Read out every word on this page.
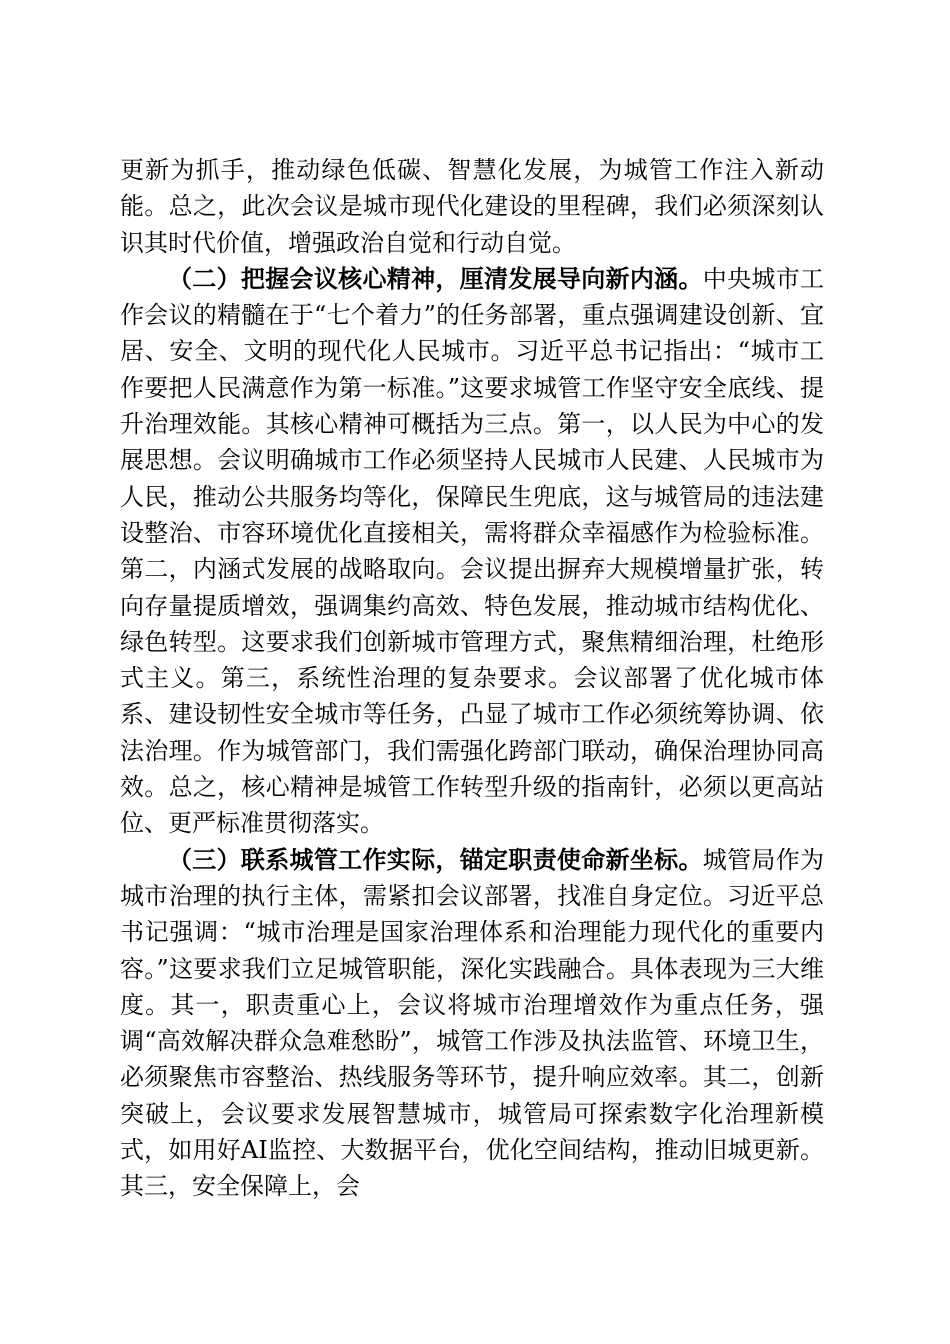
更新为抓手，推动绿色低碳、智慧化发展，为城管工作注入新动能。总之，此次会议是城市现代化建设的里程碑，我们必须深刻认识其时代价值，增强政治自觉和行动自觉。

（二）把握会议核心精神，厘清发展导向新内涵。中央城市工作会议的精髓在于“七个着力”的任务部署，重点强调建设创新、宜居、安全、文明的现代化人民城市。习近平总书记指出：“城市工作要把人民满意作为第一标准。”这要求城管工作坚守安全底线、提升治理效能。其核心精神可概括为三点。第一，以人民为中心的发展思想。会议明确城市工作必须坚持人民城市人民建、人民城市为人民，推动公共服务均等化，保障民生兜底，这与城管局的违法建设整治、市容环境优化直接相关，需将群众幸福感作为检验标准。第二，内涵式发展的战略取向。会议提出摒弃大规模增量扩张，转向存量提质增效，强调集约高效、特色发展，推动城市结构优化、绿色转型。这要求我们创新城市管理方式，聚焦精细治理，杜绝形式主义。第三，系统性治理的复杂要求。会议部署了优化城市体系、建设韧性安全城市等任务，凸显了城市工作必须统筹协调、依法治理。作为城管部门，我们需强化跨部门联动，确保治理协同高效。总之，核心精神是城管工作转型升级的指南针，必须以更高站位、更严标准贯彻落实。

（三）联系城管工作实际，锚定职责使命新坐标。城管局作为城市治理的执行主体，需紧扣会议部署，找准自身定位。习近平总书记强调：“城市治理是国家治理体系和治理能力现代化的重要内容。”这要求我们立足城管职能，深化实践融合。具体表现为三大维度。其一，职责重心上，会议将城市治理增效作为重点任务，强调“高效解决群众急难愁盼”，城管工作涉及执法监管、环境卫生，必须聚焦市容整治、热线服务等环节，提升响应效率。其二，创新突破上，会议要求发展智慧城市，城管局可探索数字化治理新模式，如用好AI监控、大数据平台，优化空间结构，推动旧城更新。其三，安全保障上，会
